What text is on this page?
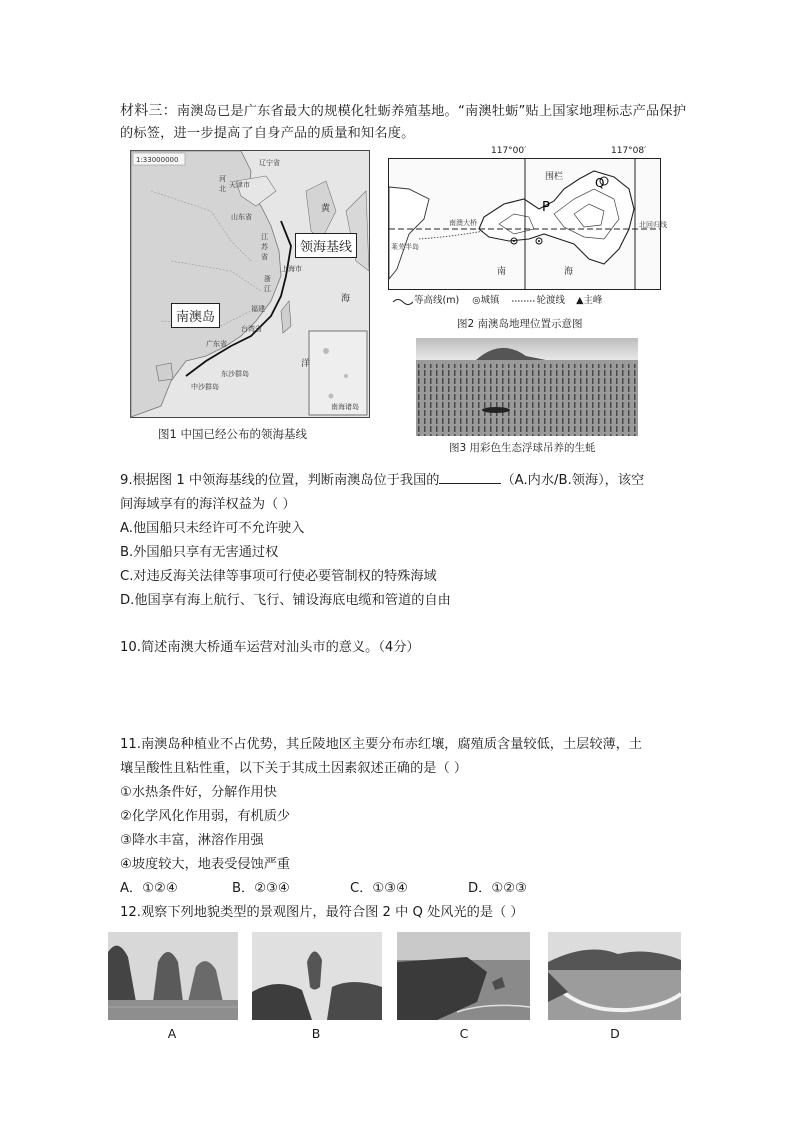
材料三：南澳岛已是广东省最大的规模化牡蛎养殖基地。“南澳牡蛎”贴上国家地理标志产品保护的标签，进一步提高了自身产品的质量和知名度。
1:33000000	辽宁省
天津市
河
北
山东省
江
苏
省
上海市
浙
江
福建
台湾省
广东省
中沙群岛
东沙群岛
南海诸岛
黄
海
洋
南澳岛
领海基线
图1 中国已经公布的领海基线
117°00′	117°08′
南澳大桥	北回归线
莱芜半岛
围栏
P
Q
南	海
等高线(m) ◎城镇	轮渡线 ▲主峰
图2 南澳岛地理位置示意图
图3 用彩色生态浮球吊养的生蚝
9.根据图 1 中领海基线的位置，判断南澳岛位于我国的	（A.内水/B.领海），该空
间海域享有的海洋权益为（ ）
A.他国船只未经许可不允许驶入
B.外国船只享有无害通过权
C.对违反海关法律等事项可行使必要管制权的特殊海域
D.他国享有海上航行、飞行、铺设海底电缆和管道的自由
10.简述南澳大桥通车运营对汕头市的意义。（4分）
11.南澳岛种植业不占优势，其丘陵地区主要分布赤红壤，腐殖质含量较低，土层较薄，土
壤呈酸性且粘性重，以下关于其成土因素叙述正确的是（ ）
①水热条件好，分解作用快
②化学风化作用弱，有机质少
③降水丰富，淋溶作用强
④坡度较大，地表受侵蚀严重
A．①②④	B．②③④	C．①③④	D．①②③
12.观察下列地貌类型的景观图片，最符合图 2 中 Q 处风光的是（ ）
A	B	C	D
